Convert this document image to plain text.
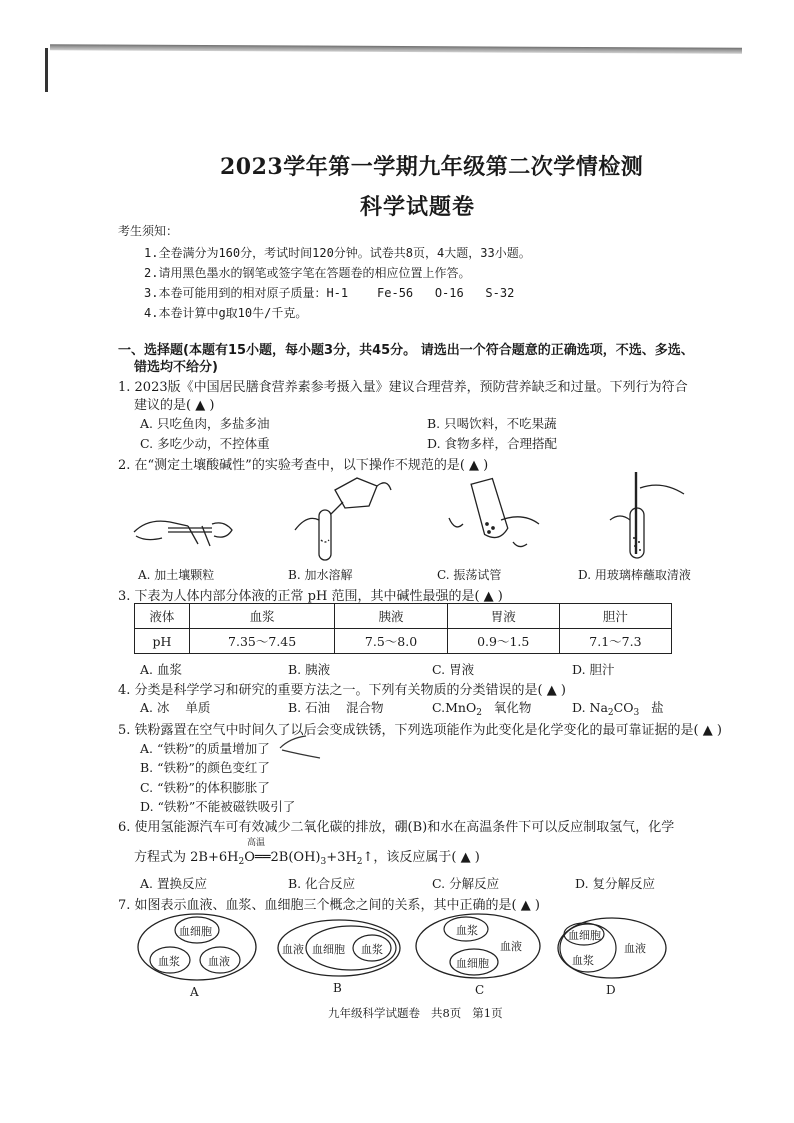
2023学年第一学期九年级第二次学情检测
科学试题卷
考生须知：
1.全卷满分为160分，考试时间120分钟。试卷共8页，4大题，33小题。
2.请用黑色墨水的钢笔或签字笔在答题卷的相应位置上作答。
3.本卷可能用到的相对原子质量：H-1    Fe-56   O-16   S-32
4.本卷计算中g取10牛/千克。
一、选择题(本题有15小题，每小题3分，共45分。 请选出一个符合题意的正确选项，不选、多选、
错选均不给分)
1. 2023版《中国居民膳食营养素参考摄入量》建议合理营养，预防营养缺乏和过量。下列行为符合
建议的是( ▲ )
A. 只吃鱼肉，多盐多油	B. 只喝饮料，不吃果蔬
C. 多吃少动，不控体重	D. 食物多样，合理搭配
2. 在“测定土壤酸碱性”的实验考查中，以下操作不规范的是( ▲ )
A. 加土壤颗粒	B. 加水溶解	C. 振荡试管	D. 用玻璃棒蘸取清液
3. 下表为人体内部分体液的正常 pH 范围，其中碱性最强的是( ▲ )
液体	血浆	胰液	胃液	胆汁
pH	7.35～7.45	7.5～8.0	0.9～1.5	7.1～7.3
A. 血浆	B. 胰液	C. 胃液	D. 胆汁
4. 分类是科学学习和研究的重要方法之一。下列有关物质的分类错误的是( ▲ )
A. 冰    单质	B. 石油    混合物	C.MnO$_2$   氧化物	D. $Na_2CO_3$   盐
5. 铁粉露置在空气中时间久了以后会变成铁锈，下列选项能作为此变化是化学变化的最可靠证据的是( ▲ )
A. “铁粉”的质量增加了
B. “铁粉”的颜色变红了
C. “铁粉”的体积膨胀了
D. “铁粉”不能被磁铁吸引了
6. 使用氢能源汽车可有效减少二氧化碳的排放，硼(B)和水在高温条件下可以反应制取氢气，化学
方程式为 $2B+6H_2O══2B(OH)_3+3H_2↑$，该反应属于( ▲ )
高温
A. 置换反应	B. 化合反应	C. 分解反应	D. 复分解反应
7. 如图表示血液、血浆、血细胞三个概念之间的关系，其中正确的是( ▲ )
血细胞
血浆	血液
A
血液 血细胞 血浆
B
血浆
血液
血细胞
C
血细胞
血浆
血液
D
九年级科学试题卷   共8页   第1页
